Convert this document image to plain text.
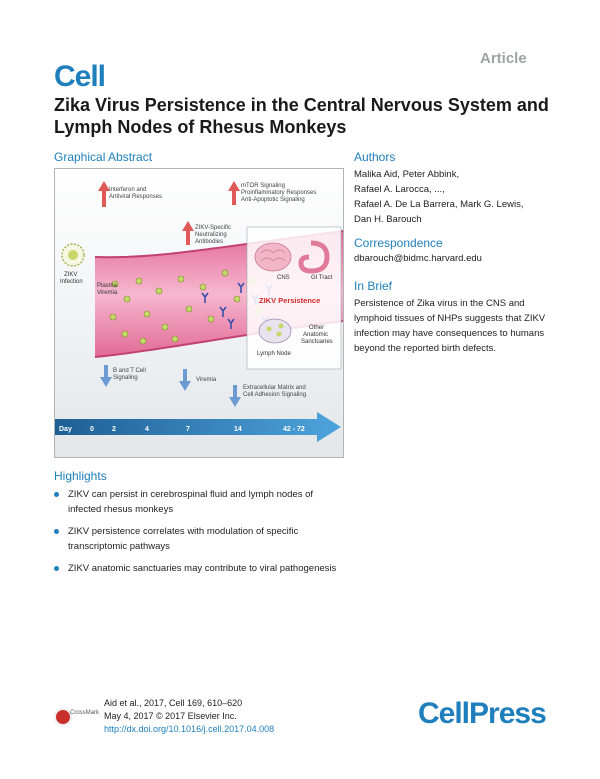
Article
Cell
Zika Virus Persistence in the Central Nervous System and Lymph Nodes of Rhesus Monkeys
Graphical Abstract
Interferon and
Antiviral Responses
mTOR Signaling
Proinflammatory Responses
Anti-Apoptotic Signaling
ZIKV-Specific
Neutralizing
Antibodies
ZIKV
Infection
Plasma
Viremia
CNS	GI Tract
ZIKV Persistence
Lymph Node
Other
Anatomic
Sanctuaries
B and T Cell
Signaling	Viremia
Extracellular Matrix and
Cell Adhesion Signaling
Day	0	2	4	7	14	42 - 72
Authors
Malika Aid, Peter Abbink,
Rafael A. Larocca, ...,
Rafael A. De La Barrera, Mark G. Lewis,
Dan H. Barouch
Correspondence
dbarouch@bidmc.harvard.edu
In Brief
Persistence of Zika virus in the CNS and lymphoid tissues of NHPs suggests that ZIKV infection may have consequences to humans beyond the reported birth defects.
Highlights
ZIKV can persist in cerebrospinal fluid and lymph nodes of infected rhesus monkeys
ZIKV persistence correlates with modulation of specific transcriptomic pathways
ZIKV anatomic sanctuaries may contribute to viral pathogenesis
CrossMark
Aid et al., 2017, Cell 169, 610–620
May 4, 2017 © 2017 Elsevier Inc.
http://dx.doi.org/10.1016/j.cell.2017.04.008	CellPress
